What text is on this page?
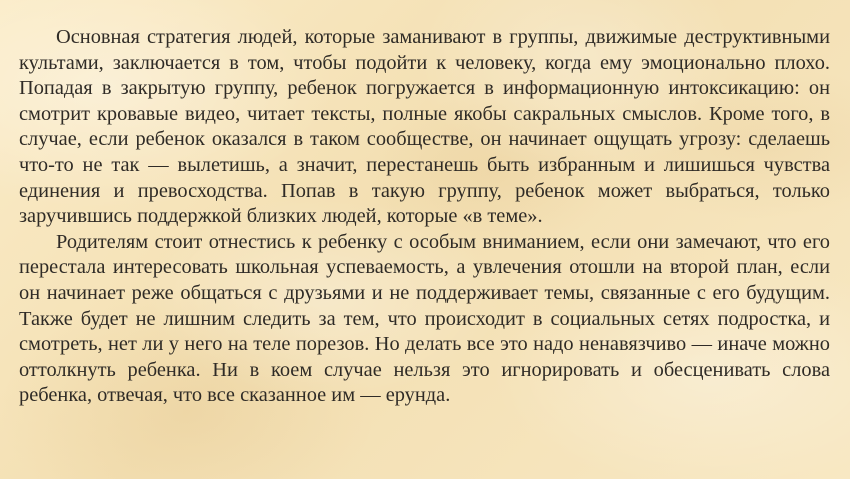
Основная стратегия людей, которые заманивают в группы, движимые деструктивными культами, заключается в том, чтобы подойти к человеку, когда ему эмоционально плохо. Попадая в закрытую группу, ребенок погружается в информационную интоксикацию: он смотрит кровавые видео, читает тексты, полные якобы сакральных смыслов. Кроме того, в случае, если ребенок оказался в таком сообществе, он начинает ощущать угрозу: сделаешь что-то не так — вылетишь, а значит, перестанешь быть избранным и лишишься чувства единения и превосходства. Попав в такую группу, ребенок может выбраться, только заручившись поддержкой близких людей, которые «в теме».

Родителям стоит отнестись к ребенку с особым вниманием, если они замечают, что его перестала интересовать школьная успеваемость, а увлечения отошли на второй план, если он начинает реже общаться с друзьями и не поддерживает темы, связанные с его будущим. Также будет не лишним следить за тем, что происходит в социальных сетях подростка, и смотреть, нет ли у него на теле порезов. Но делать все это надо ненавязчиво — иначе можно оттолкнуть ребенка. Ни в коем случае нельзя это игнорировать и обесценивать слова ребенка, отвечая, что все сказанное им — ерунда.
